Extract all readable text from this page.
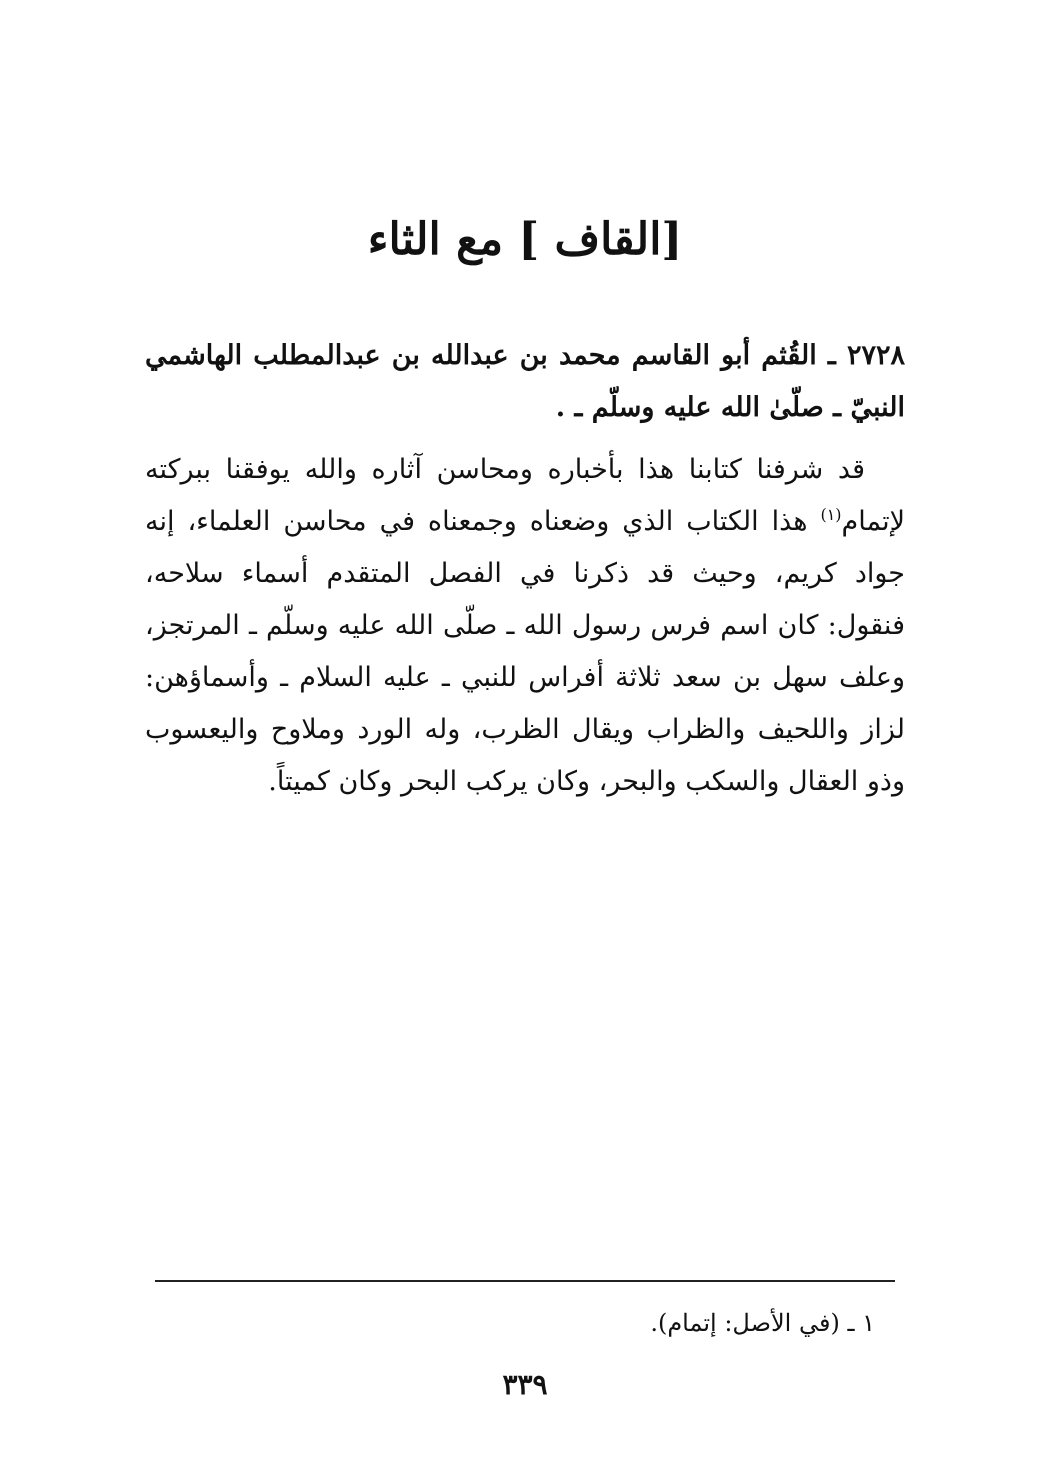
[القاف ] مع الثاء

٢٧٢٨ ـ القُثم أبو القاسم محمد بن عبدالله بن عبدالمطلب الهاشمي النبيّ ـ صلّىٰ الله عليه وسلّم ـ .

قد شرفنا كتابنا هذا بأخباره ومحاسن آثاره والله يوفقنا ببركته لإتمام$^{(١)}$ هذا الكتاب الذي وضعناه وجمعناه في محاسن العلماء، إنه جواد كريم، وحيث قد ذكرنا في الفصل المتقدم أسماء سلاحه، فنقول: كان اسم فرس رسول الله ـ صلّى الله عليه وسلّم ـ المرتجز، وعلف سهل بن سعد ثلاثة أفراس للنبي ـ عليه السلام ـ وأسماؤهن: لزاز واللحيف والظراب ويقال الظرب، وله الورد وملاوح واليعسوب وذو العقال والسكب والبحر، وكان يركب البحر وكان كميتاً.

١ ـ (في الأصل: إتمام).

٣٣٩
